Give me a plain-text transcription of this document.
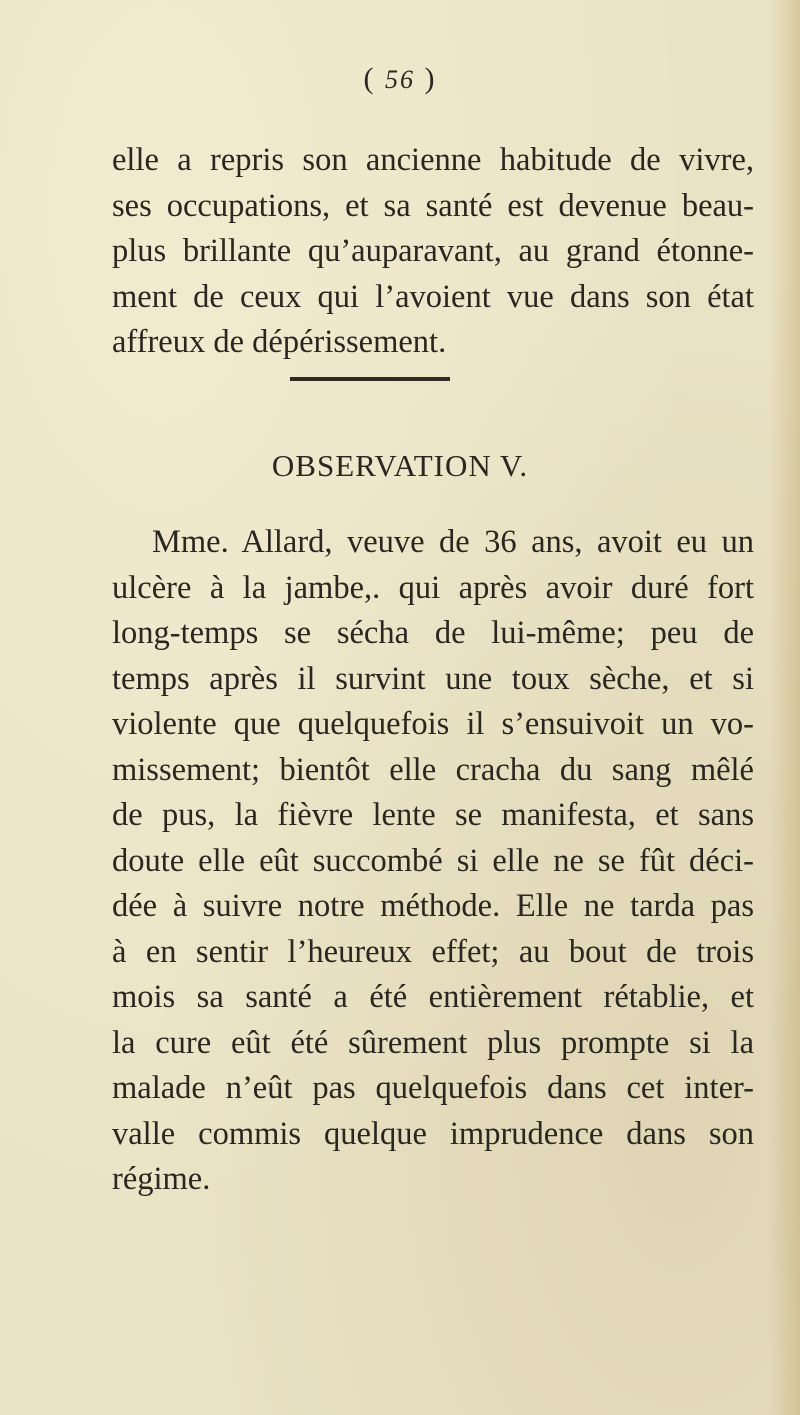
( 56 )
elle a repris son ancienne habitude de vivre,
ses occupations, et sa santé est devenue beau-
plus brillante qu’auparavant, au grand étonne-
ment de ceux qui l’avoient vue dans son état
affreux de dépérissement.
OBSERVATION V.
Mme. Allard, veuve de 36 ans, avoit eu un
ulcère à la jambe,. qui après avoir duré fort
long-temps se sécha de lui-même; peu de
temps après il survint une toux sèche, et si
violente que quelquefois il s’ensuivoit un vo-
missement; bientôt elle cracha du sang mêlé
de pus, la fièvre lente se manifesta, et sans
doute elle eût succombé si elle ne se fût déci-
dée à suivre notre méthode. Elle ne tarda pas
à en sentir l’heureux effet; au bout de trois
mois sa santé a été entièrement rétablie, et
la cure eût été sûrement plus prompte si la
malade n’eût pas quelquefois dans cet inter-
valle commis quelque imprudence dans son
régime.
